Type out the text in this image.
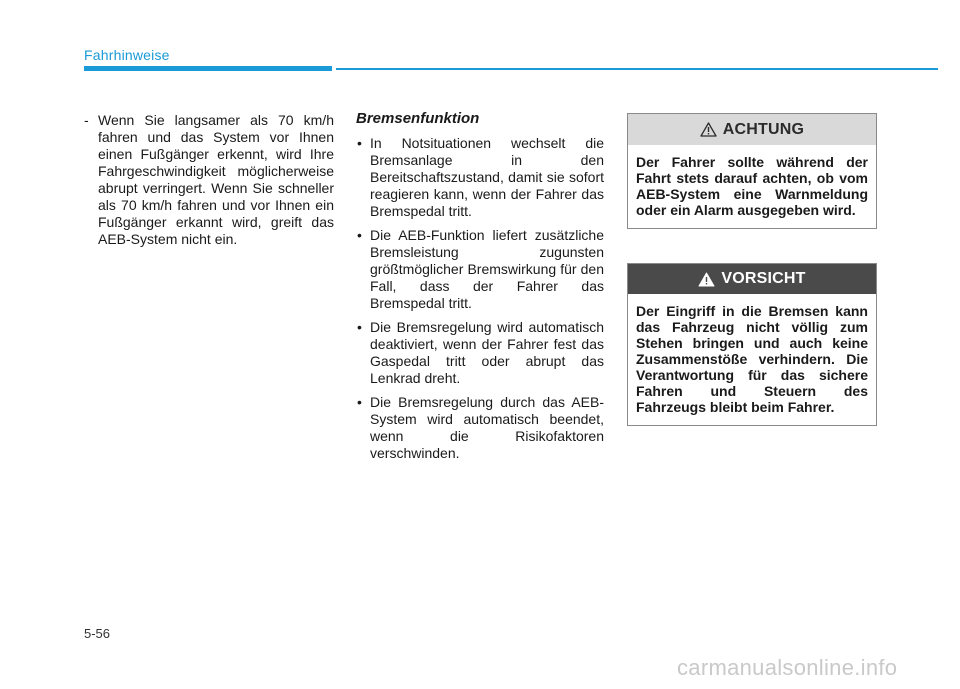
Fahrhinweise
- Wenn Sie langsamer als 70 km/h fahren und das System vor Ihnen einen Fußgänger erkennt, wird Ihre Fahrgeschwindigkeit möglicherweise abrupt verringert. Wenn Sie schneller als 70 km/h fahren und vor Ihnen ein Fußgänger erkannt wird, greift das AEB-System nicht ein.
Bremsenfunktion
• In Notsituationen wechselt die Bremsanlage in den Bereitschaftszustand, damit sie sofort reagieren kann, wenn der Fahrer das Bremspedal tritt.
• Die AEB-Funktion liefert zusätzliche Bremsleistung zugunsten größtmöglicher Bremswirkung für den Fall, dass der Fahrer das Bremspedal tritt.
• Die Bremsregelung wird automatisch deaktiviert, wenn der Fahrer fest das Gaspedal tritt oder abrupt das Lenkrad dreht.
• Die Bremsregelung durch das AEB-System wird automatisch beendet, wenn die Risikofaktoren verschwinden.
ACHTUNG
Der Fahrer sollte während der Fahrt stets darauf achten, ob vom AEB-System eine Warnmeldung oder ein Alarm ausgegeben wird.
VORSICHT
Der Eingriff in die Bremsen kann das Fahrzeug nicht völlig zum Stehen bringen und auch keine Zusammenstöße verhindern. Die Verantwortung für das sichere Fahren und Steuern des Fahrzeugs bleibt beim Fahrer.
5-56
carmanualsonline.info
